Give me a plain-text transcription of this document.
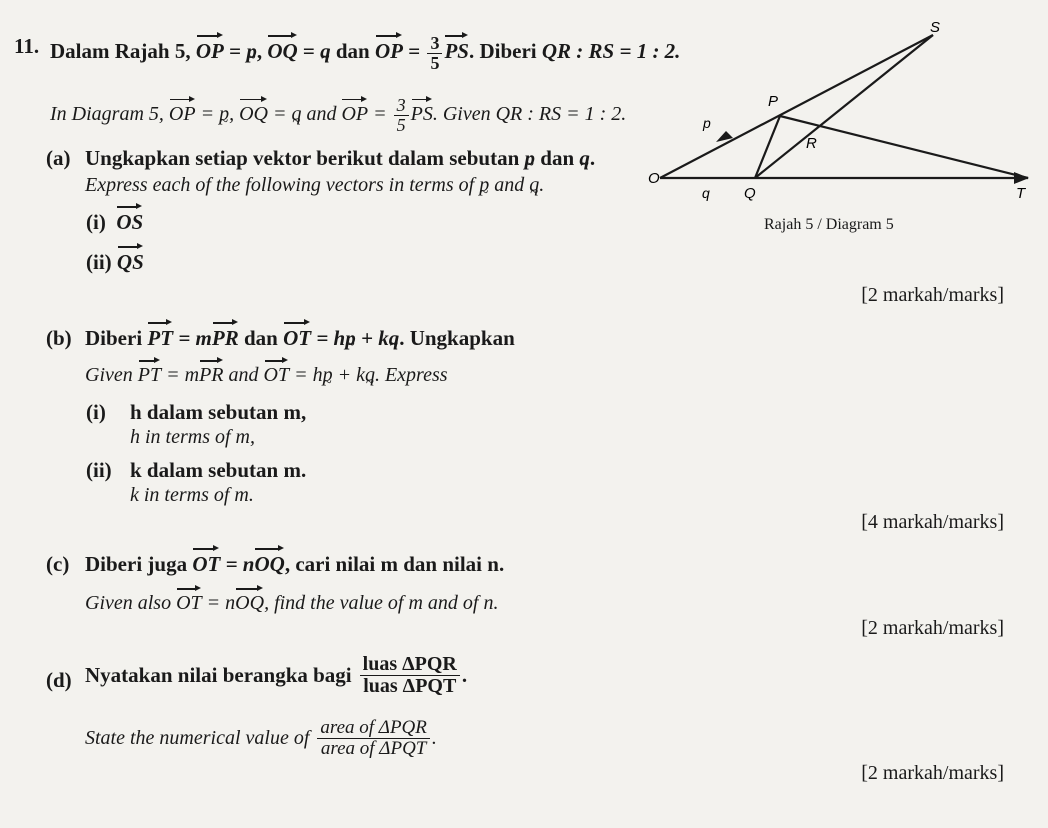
11. Dalam Rajah 5, OP = p ~, OQ = q ~ dan OP = $\frac{3}{5}$ PS. Diberi QR : RS = 1 : 2.
In Diagram 5, OP = p ~, OQ = q ~ and OP = $\frac{3}{5}$ PS. Given QR : RS = 1 : 2.
(a) Ungkapkan setiap vektor berikut dalam sebutan p ~ dan q ~.
Express each of the following vectors in terms of p ~ and q ~.
(i) OS
(ii) QS
[2 markah/marks]
(b) Diberi PT = mPR dan OT = hp ~ + kq ~. Ungkapkan
Given PT = mPR and OT = hp ~ + kq ~. Express
(i) h dalam sebutan m,
h in terms of m,
(ii) k dalam sebutan m.
k in terms of m.
[4 markah/marks]
(c) Diberi juga OT = nOQ, cari nilai m dan nilai n.
Given also OT = nOQ, find the value of m and of n.
[2 markah/marks]
(d) Nyatakan nilai berangka bagi $\frac{\text{luas ΔPQR}}{\text{luas ΔPQT}}$ .
State the numerical value of $\frac{\text{area of ΔPQR}}{\text{area of ΔPQT}}$ .
[2 markah/marks]
O
P
Q
R
S
T
p
q
Rajah 5 / Diagram 5
